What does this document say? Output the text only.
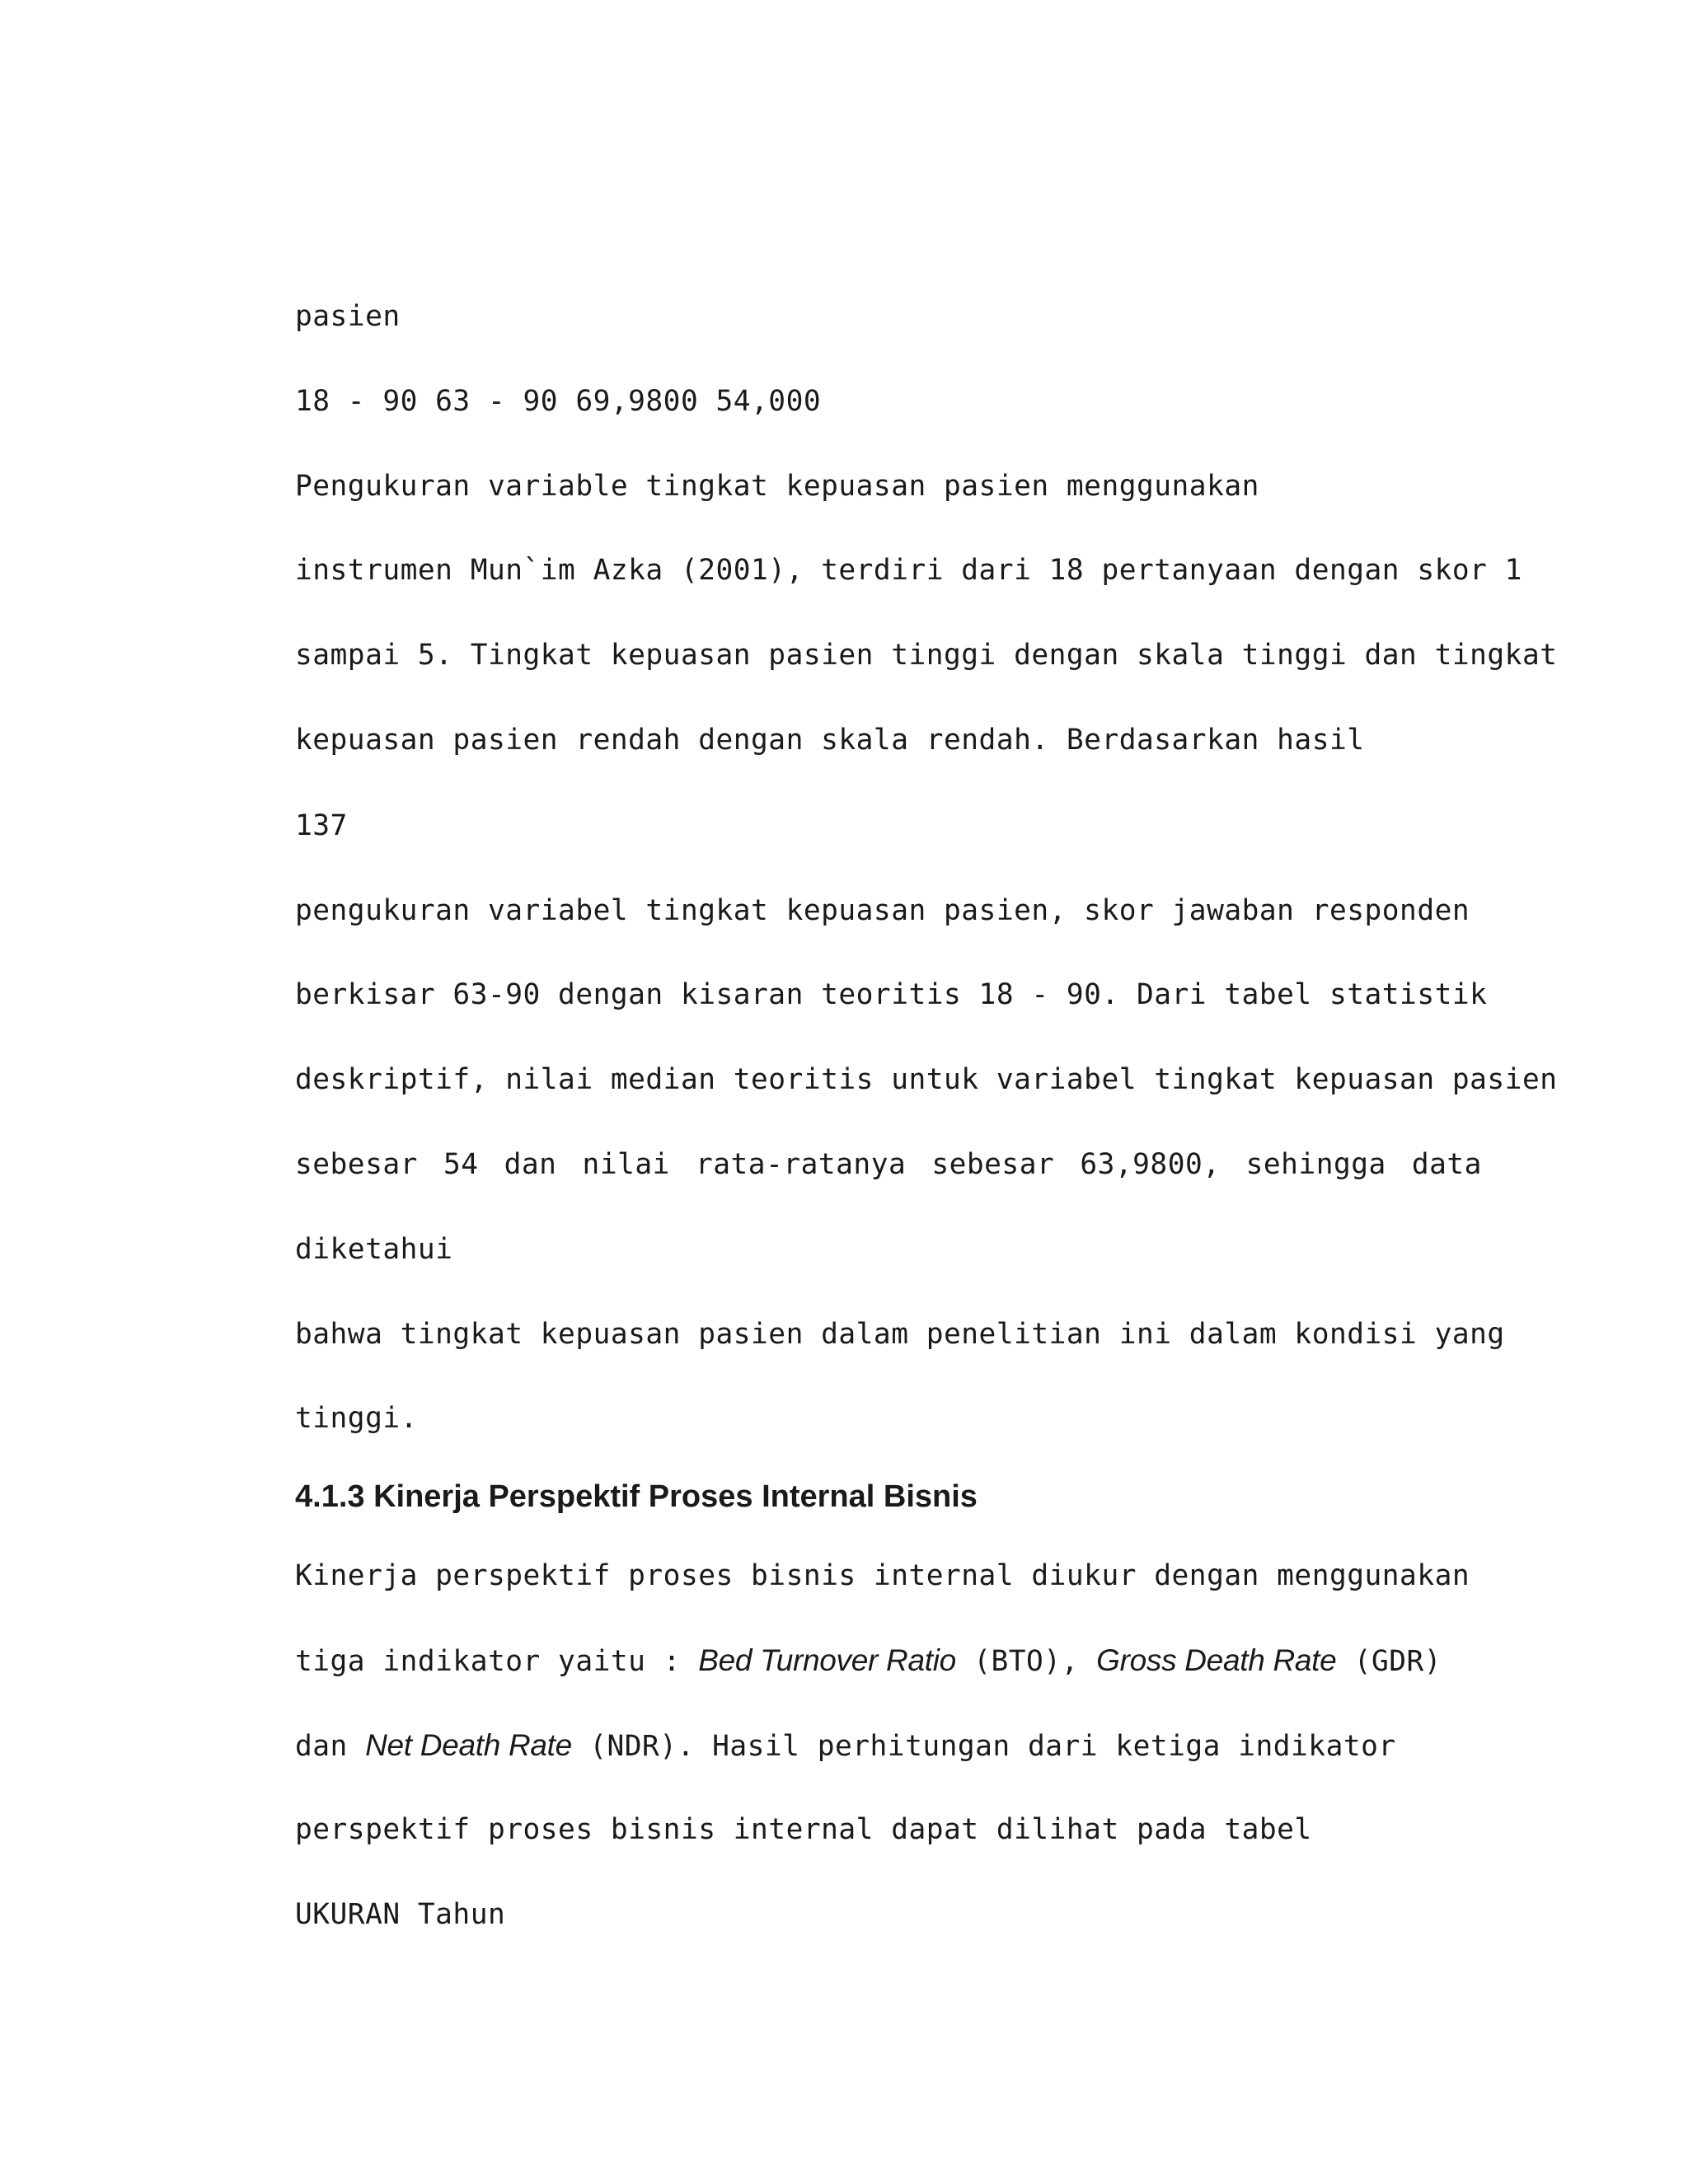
pasien

18 - 90 63 - 90 69,9800 54,000

Pengukuran variable tingkat kepuasan pasien menggunakan

instrumen Mun`im Azka (2001), terdiri dari 18 pertanyaan dengan skor 1

sampai 5. Tingkat kepuasan pasien tinggi dengan skala tinggi dan tingkat

kepuasan pasien rendah dengan skala rendah. Berdasarkan hasil

137

pengukuran variabel tingkat kepuasan pasien, skor jawaban responden

berkisar 63-90 dengan kisaran teoritis 18 - 90. Dari tabel statistik

deskriptif, nilai median teoritis untuk variabel tingkat kepuasan pasien

sebesar 54 dan nilai rata-ratanya sebesar 63,9800, sehingga data

diketahui

bahwa tingkat kepuasan pasien dalam penelitian ini dalam kondisi yang

tinggi.

4.1.3 Kinerja Perspektif Proses Internal Bisnis

Kinerja perspektif proses bisnis internal diukur dengan menggunakan

tiga indikator yaitu : Bed Turnover Ratio (BTO), Gross Death Rate (GDR)

dan Net Death Rate (NDR). Hasil perhitungan dari ketiga indikator

perspektif proses bisnis internal dapat dilihat pada tabel

UKURAN Tahun
